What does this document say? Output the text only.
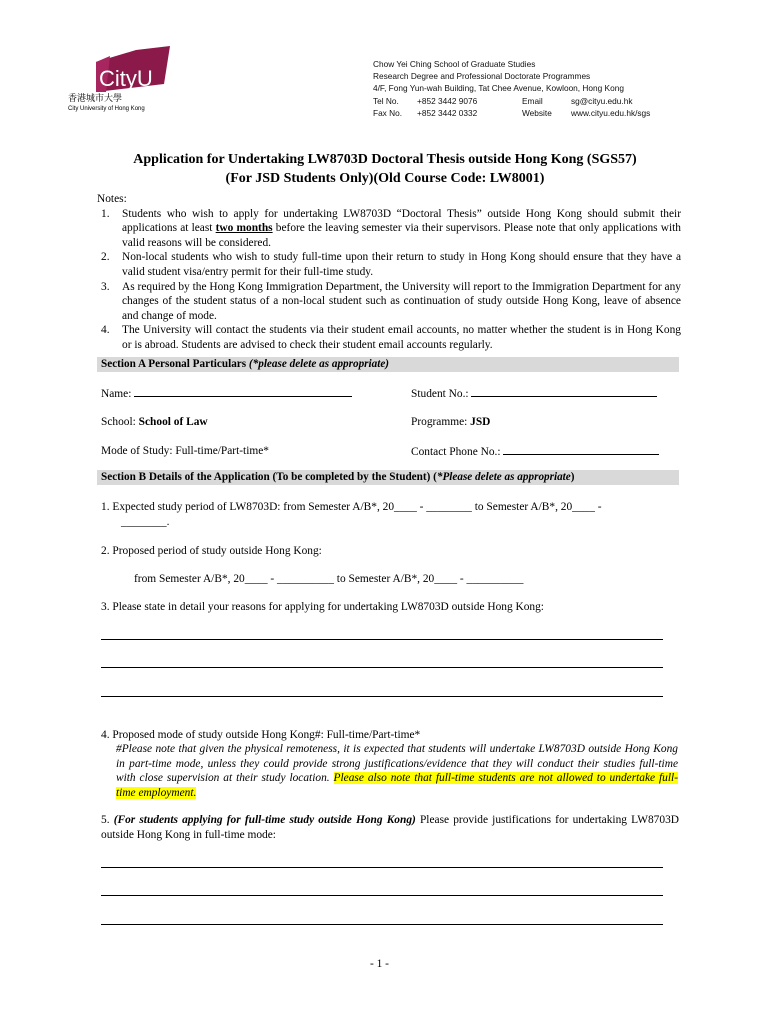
CityU
香港城市大學
City University of Hong Kong
Chow Yei Ching School of Graduate Studies
Research Degree and Professional Doctorate Programmes
4/F, Fong Yun-wah Building, Tat Chee Avenue, Kowloon, Hong Kong
Tel No.	+852 3442 9076	Email	sg@cityu.edu.hk
Fax No.	+852 3442 0332	Website	www.cityu.edu.hk/sgs
Application for Undertaking LW8703D Doctoral Thesis outside Hong Kong (SGS57)
(For JSD Students Only)(Old Course Code: LW8001)
Notes:
1. Students who wish to apply for undertaking LW8703D “Doctoral Thesis” outside Hong Kong should submit their applications at least two months before the leaving semester via their supervisors. Please note that only applications with valid reasons will be considered.
2. Non-local students who wish to study full-time upon their return to study in Hong Kong should ensure that they have a valid student visa/entry permit for their full-time study.
3. As required by the Hong Kong Immigration Department, the University will report to the Immigration Department for any changes of the student status of a non-local student such as continuation of study outside Hong Kong, leave of absence and change of mode.
4. The University will contact the students via their student email accounts, no matter whether the student is in Hong Kong or is abroad. Students are advised to check their student email accounts regularly.
Section A Personal Particulars (*please delete as appropriate)
Name:	Student No.:
School: School of Law	Programme: JSD
Mode of Study: Full-time/Part-time*	Contact Phone No.:
Section B Details of the Application (To be completed by the Student) (*Please delete as appropriate)
1. Expected study period of LW8703D: from Semester A/B*, 20____ - ________ to Semester A/B*, 20____ -
________.
2. Proposed period of study outside Hong Kong:
from Semester A/B*, 20____ - __________ to Semester A/B*, 20____ - __________
3. Please state in detail your reasons for applying for undertaking LW8703D outside Hong Kong:
4. Proposed mode of study outside Hong Kong#: Full-time/Part-time*
#Please note that given the physical remoteness, it is expected that students will undertake LW8703D outside Hong Kong in part-time mode, unless they could provide strong justifications/evidence that they will conduct their studies full-time with close supervision at their study location. Please also note that full-time students are not allowed to undertake full-time employment.
5. (For students applying for full-time study outside Hong Kong) Please provide justifications for undertaking LW8703D outside Hong Kong in full-time mode:
- 1 -
